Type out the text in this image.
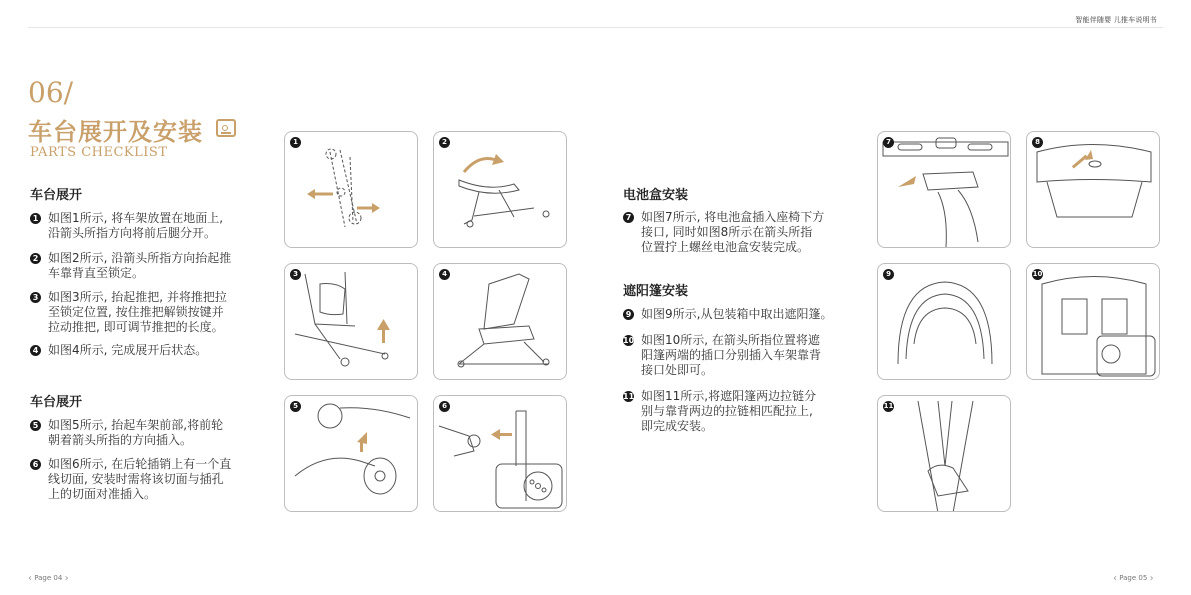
智能伴随婴 儿推车说明书
06/
车台展开及安装
PARTS CHECKLIST
车台展开
1 如图1所示, 将车架放置在地面上,
沿箭头所指方向将前后腿分开。
2 如图2所示, 沿箭头所指方向抬起推
车靠背直至锁定。
3 如图3所示, 抬起推把, 并将推把拉
至锁定位置, 按住推把解锁按键并
拉动推把, 即可调节推把的长度。
4 如图4所示, 完成展开后状态。
车台展开
5 如图5所示, 抬起车架前部,将前轮
朝着箭头所指的方向插入。
6 如图6所示, 在后轮插销上有一个直
线切面, 安装时需将该切面与插孔
上的切面对准插入。
电池盒安装
7 如图7所示, 将电池盒插入座椅下方
接口, 同时如图8所示在箭头所指
位置拧上螺丝电池盒安装完成。
遮阳篷安装
9 如图9所示,从包装箱中取出遮阳篷。
10 如图10所示, 在箭头所指位置将遮
阳篷两端的插口分别插入车架靠背
接口处即可。
11 如图11所示,将遮阳篷两边拉链分
别与靠背两边的拉链相匹配拉上,
即完成安装。
1	2
3	4
5	6
7	8
9	10
11
‹ Page 04 ›	‹ Page 05 ›
